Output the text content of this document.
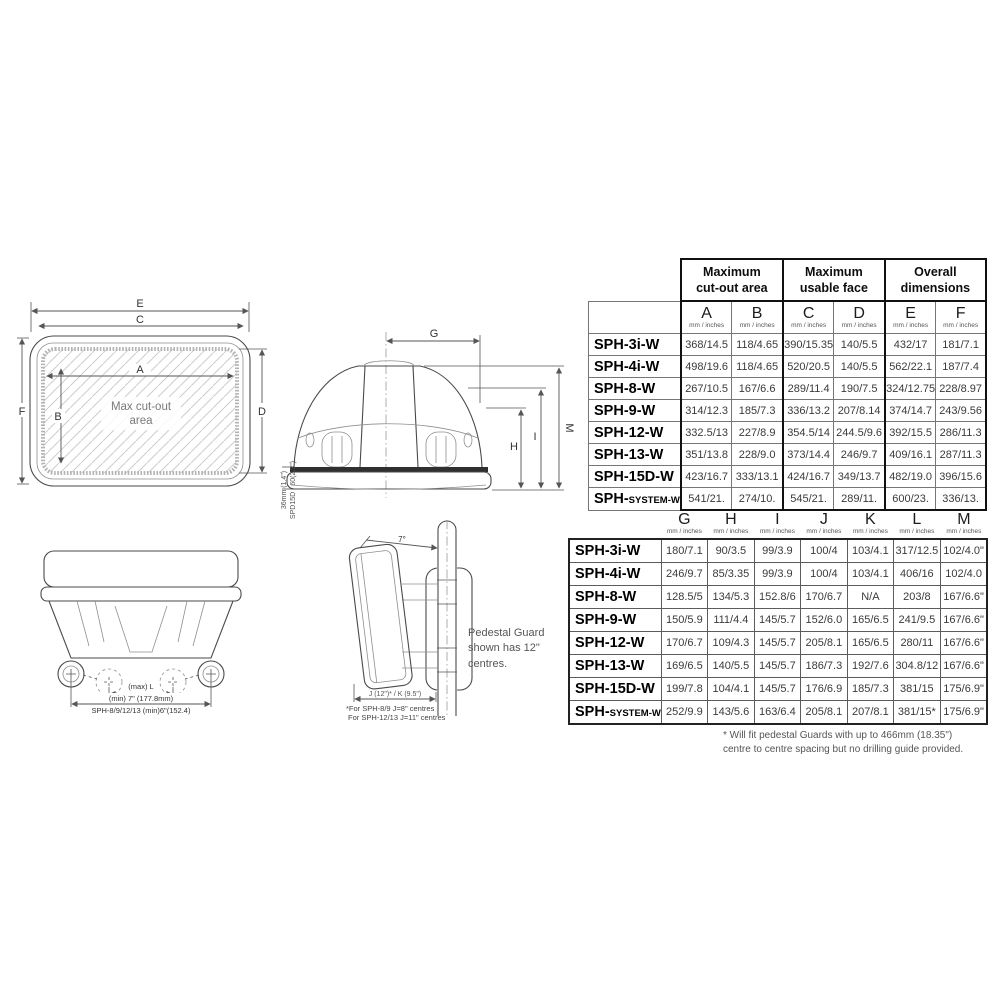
E
C
A
B
Max cut-out
area
F	D
G
M
I
H
36mm (1.4") SPD15D - 60(2.3")
(max) L
(min) 7" (177.8mm)
SPH-8/9/12/13 (min)6"(152.4)
7°
J (12")* / K (9.5")
*For SPH-8/9 J=8" centres
For SPH-12/13 J=11" centres
Pedestal Guard
shown has 12"
centres.
	Maximum
cut-out area		Maximum
usable face		Overall
dimensions	

	A
mm / inches	B
mm / inches	C
mm / inches	D
mm / inches	E
mm / inches	F
mm / inches

SPH-3i-W	368/14.5	118/4.65	390/15.35	140/5.5	432/17	181/7.1
SPH-4i-W	498/19.6	118/4.65	520/20.5	140/5.5	562/22.1	187/7.4
SPH-8-W	267/10.5	167/6.6	289/11.4	190/7.5	324/12.75	228/8.97
SPH-9-W	314/12.3	185/7.3	336/13.2	207/8.14	374/14.7	243/9.56
SPH-12-W	332.5/13	227/8.9	354.5/14	244.5/9.6	392/15.5	286/11.3
SPH-13-W	351/13.8	228/9.0	373/14.4	246/9.7	409/16.1	287/11.3
SPH-15D-W	423/16.7	333/13.1	424/16.7	349/13.7	482/19.0	396/15.6
SPH-SYSTEM-W	541/21.	274/10.	545/21.	289/11.	600/23.	336/13.

	G
mm / inches	H
mm / inches	I
mm / inches	J
mm / inches	K
mm / inches	L
mm / inches	M
mm / inches

SPH-3i-W	180/7.1	90/3.5	99/3.9	100/4	103/4.1	317/12.5	102/4.0"
SPH-4i-W	246/9.7	85/3.35	99/3.9	100/4	103/4.1	406/16	102/4.0
SPH-8-W	128.5/5	134/5.3	152.8/6	170/6.7	N/A	203/8	167/6.6"
SPH-9-W	150/5.9	111/4.4	145/5.7	152/6.0	165/6.5	241/9.5	167/6.6"
SPH-12-W	170/6.7	109/4.3	145/5.7	205/8.1	165/6.5	280/11	167/6.6"
SPH-13-W	169/6.5	140/5.5	145/5.7	186/7.3	192/7.6	304.8/12	167/6.6"
SPH-15D-W	199/7.8	104/4.1	145/5.7	176/6.9	185/7.3	381/15	175/6.9"
SPH-SYSTEM-W	252/9.9	143/5.6	163/6.4	205/8.1	207/8.1	381/15*	175/6.9"
* Will fit pedestal Guards with up to 466mm (18.35")
centre to centre spacing but no drilling guide provided.
